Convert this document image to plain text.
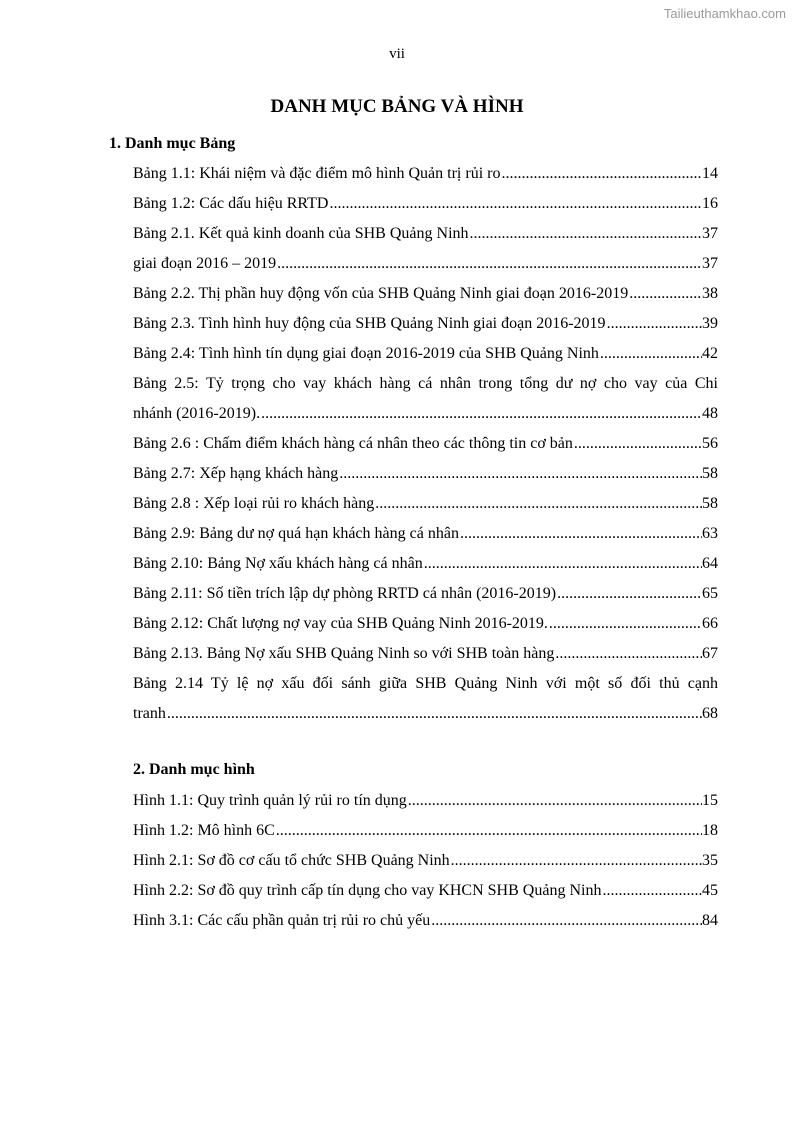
Tailieuthamkhao.com
vii
DANH MỤC BẢNG VÀ HÌNH
1. Danh mục Bảng
Bảng 1.1: Khái niệm và đặc điểm mô hình Quản trị rủi ro .....	14
Bảng 1.2: Các dấu hiệu RRTD .....	16
Bảng 2.1. Kết quả kinh doanh của SHB Quảng Ninh .....	37
giai đoạn 2016 – 2019 .....	37
Bảng 2.2. Thị phần huy động vốn của SHB Quảng Ninh giai đoạn 2016-2019 .....	38
Bảng 2.3. Tình hình huy động của SHB Quảng Ninh giai đoạn 2016-2019 .....	39
Bảng 2.4: Tình hình tín dụng giai đoạn 2016-2019 của SHB Quảng Ninh .....	42
Bảng 2.5: Tỷ trọng cho vay khách hàng cá nhân trong tổng dư nợ cho vay của Chi
nhánh (2016-2019). .....	48
Bảng 2.6 : Chấm điểm khách hàng cá nhân theo các thông tin cơ bản .....	56
Bảng 2.7: Xếp hạng khách hàng .....	58
Bảng 2.8 : Xếp loại rủi ro khách hàng .....	58
Bảng 2.9: Bảng dư nợ quá hạn khách hàng cá nhân .....	63
Bảng 2.10: Bảng Nợ xấu khách hàng cá nhân .....	64
Bảng 2.11: Số tiền trích lập dự phòng RRTD cá nhân (2016-2019) .....	65
Bảng 2.12: Chất lượng nợ vay của SHB Quảng Ninh 2016-2019. .....	66
Bảng 2.13. Bảng Nợ xấu SHB Quảng Ninh so với SHB toàn hàng .....	67
Bảng 2.14 Tỷ lệ nợ xấu đối sánh giữa SHB Quảng Ninh với một số đối thủ cạnh
tranh .....	68
2. Danh mục hình
Hình 1.1: Quy trình quản lý rủi ro tín dụng .....	15
Hình 1.2: Mô hình 6C .....	18
Hình 2.1: Sơ đồ cơ cấu tổ chức SHB Quảng Ninh .....	35
Hình 2.2: Sơ đồ quy trình cấp tín dụng cho vay KHCN SHB Quảng Ninh .....	45
Hình 3.1: Các cấu phần quản trị rủi ro chủ yếu .....	84
